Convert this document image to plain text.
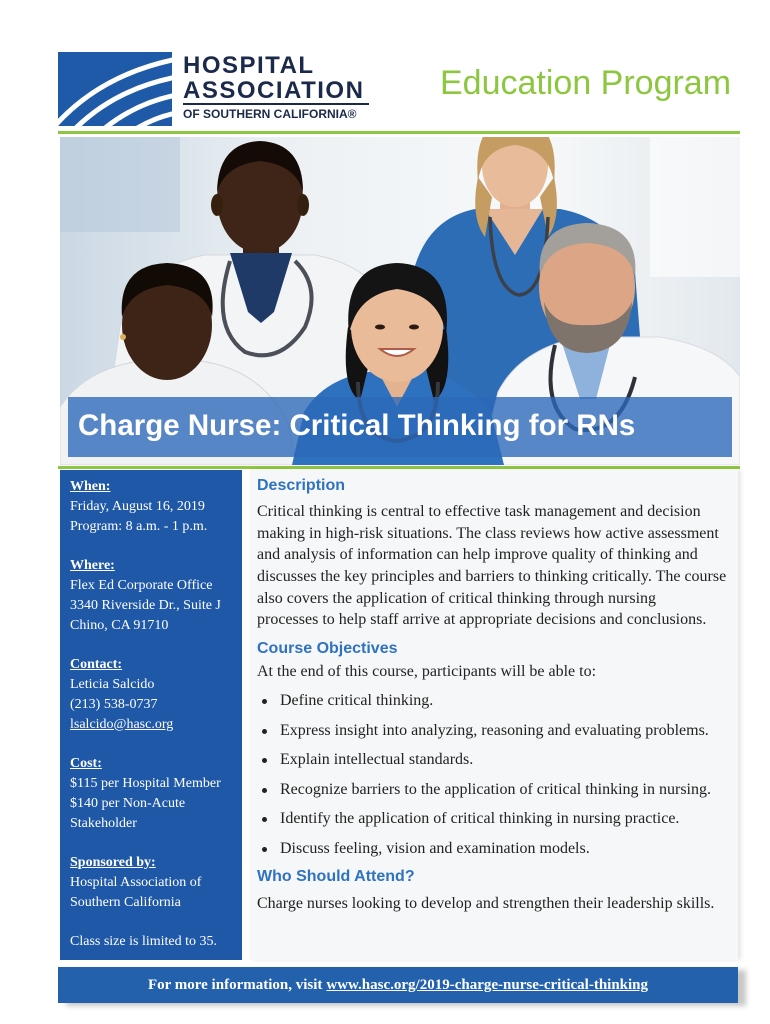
HOSPITAL
ASSOCIATION
OF SOUTHERN CALIFORNIA®
Education Program
Charge Nurse: Critical Thinking for RNs
When:
Friday, August 16, 2019
Program: 8 a.m. - 1 p.m.
Where:
Flex Ed Corporate Office
3340 Riverside Dr., Suite J
Chino, CA 91710
Contact:
Leticia Salcido
(213) 538-0737
lsalcido@hasc.org
Cost:
$115 per Hospital Member
$140 per Non-Acute
Stakeholder
Sponsored by:
Hospital Association of
Southern California
Class size is limited to 35.
Description
Critical thinking is central to effective task management and decision
making in high-risk situations. The class reviews how active assessment
and analysis of information can help improve quality of thinking and
discusses the key principles and barriers to thinking critically. The course
also covers the application of critical thinking through nursing
processes to help staff arrive at appropriate decisions and conclusions.
Course Objectives
At the end of this course, participants will be able to:
Define critical thinking.
Express insight into analyzing, reasoning and evaluating problems.
Explain intellectual standards.
Recognize barriers to the application of critical thinking in nursing.
Identify the application of critical thinking in nursing practice.
Discuss feeling, vision and examination models.
Who Should Attend?
Charge nurses looking to develop and strengthen their leadership skills.
For more information, visit www.hasc.org/2019-charge-nurse-critical-thinking
